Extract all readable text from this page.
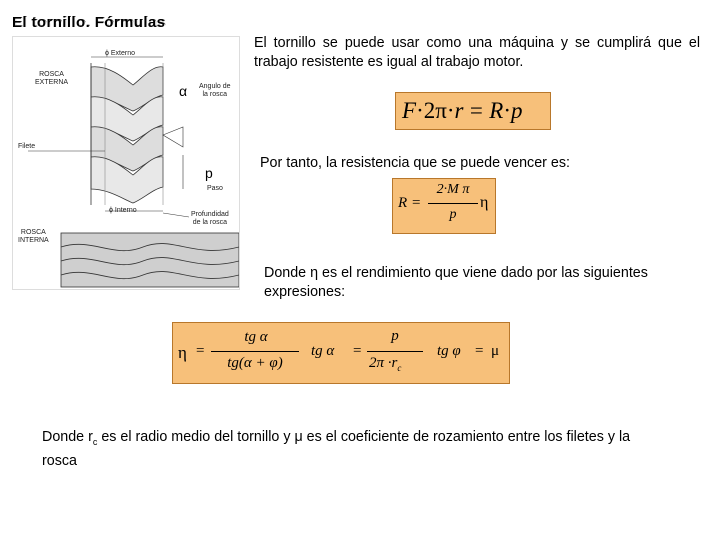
El tornillo. Fórmulas
ϕ Externo
ROSCA
EXTERNA
Angulo de
la rosca
Filete
Paso
ϕ Interno
Profundidad
de la rosca
ROSCA
INTERNA
α
p
El tornillo se puede usar como una máquina y se cumplirá que el trabajo resistente es igual al trabajo motor.
F·2π·r = R·p
Por tanto, la resistencia que se puede vencer es:
R =
2·M π
p
η
Donde η es el rendimiento que viene dado por las siguientes expresiones:
η =
tg α
tg(α + φ)
tg α =
p
$2\pi \cdot r_c$
tg φ = μ
Donde $r_c$ es el radio medio del tornillo y μ es el coeficiente de rozamiento entre los filetes y la rosca
